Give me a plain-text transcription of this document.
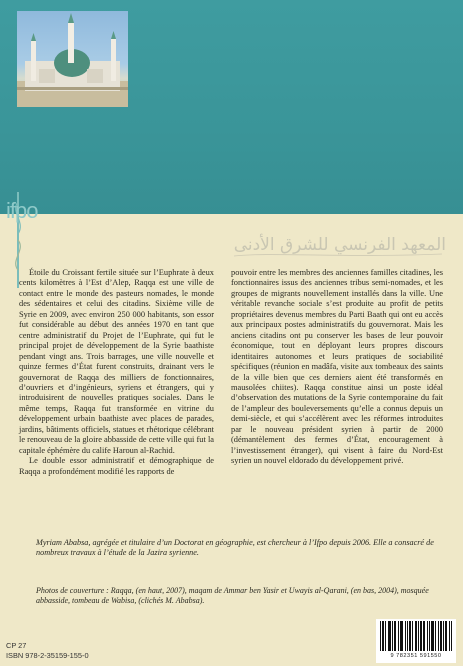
ifpo
المعهد الفرنسي للشرق الأدنى

Étoile du Croissant fertile située sur l’Euphrate à deux cents kilomètres à l’Est d’Alep, Raqqa est une ville de contact entre le monde des pasteurs nomades, le monde des sédentaires et celui des citadins. Sixième ville de Syrie en 2009, avec environ 250 000 habitants, son essor fut considérable au début des années 1970 en tant que centre administratif du Projet de l’Euphrate, qui fut le principal projet de développement de la Syrie baathiste pendant vingt ans. Trois barrages, une ville nouvelle et quinze fermes d’État furent construits, drainant vers le gouvernorat de Raqqa des milliers de fonctionnaires, d’ouvriers et d’ingénieurs, syriens et étrangers, qui y introduisirent de nouvelles pratiques sociales. Dans le même temps, Raqqa fut transformée en vitrine du développement urbain baathiste avec places de parades, jardins, bâtiments officiels, statues et rhétorique célébrant le renouveau de la gloire abbasside de cette ville qui fut la capitale éphémère du calife Haroun al-Rachid.

Le double essor administratif et démographique de Raqqa a profondément modifié les rapports de

pouvoir entre les membres des anciennes familles citadines, les fonctionnaires issus des anciennes tribus semi-nomades, et les groupes de migrants nouvellement installés dans la ville. Une véritable revanche sociale s’est produite au profit de petits propriétaires devenus membres du Parti Baath qui ont eu accès aux principaux postes administratifs du gouvernorat. Mais les anciens citadins ont pu conserver les bases de leur pouvoir économique, tout en déployant leurs propres discours identitaires autonomes et leurs pratiques de sociabilité spécifiques (réunion en madâfa, visite aux tombeaux des saints de la ville bien que ces derniers aient été transformés en mausolées chiites). Raqqa constitue ainsi un poste idéal d’observation des mutations de la Syrie contemporaine du fait de l’ampleur des bouleversements qu’elle a connus depuis un demi-siècle, et qui s’accélèrent avec les réformes introduites par le nouveau président syrien à partir de 2000 (démantèlement des fermes d’État, encouragement à l’investissement étranger), qui visent à faire du Nord-Est syrien un nouvel eldorado du développement privé.

Myriam Ababsa, agrégée et titulaire d’un Doctorat en géographie, est chercheur à l’Ifpo depuis 2006. Elle a consacré de nombreux travaux à l’étude de la Jazira syrienne.
Photos de couverture : Raqqa, (en haut, 2007), maqam de Ammar ben Yasir et Uwayis al-Qarani, (en bas, 2004), mosquée abbasside, tombeau de Wabisa, (clichés M. Ababsa).
CP 27
ISBN 978-2-35159-155-0	9 782351 591550
